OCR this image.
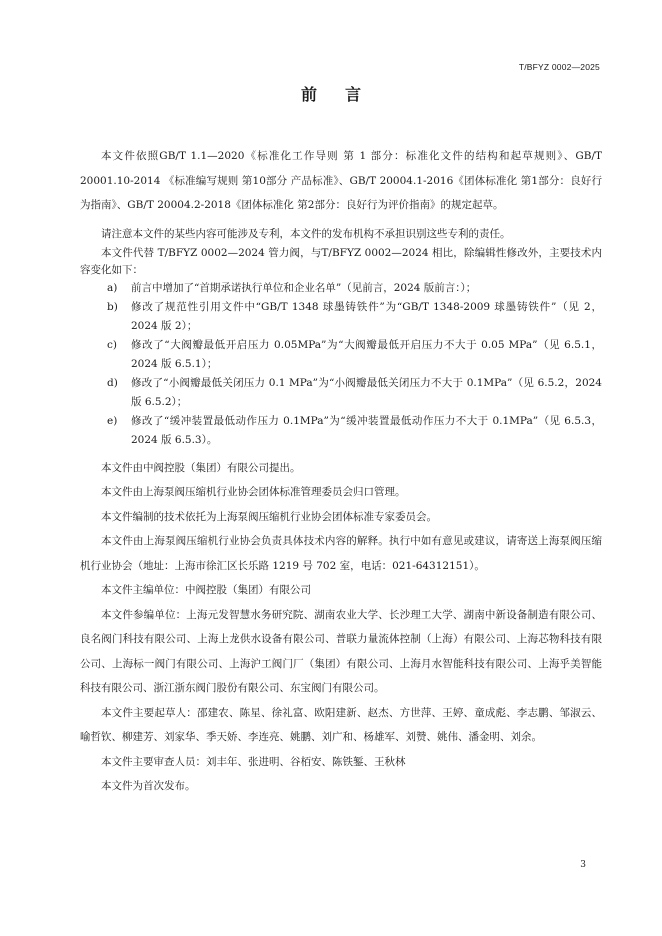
T/BFYZ 0002—2025
前言
本文件依照GB/T 1.1—2020《标准化工作导则 第 1 部分：标准化文件的结构和起草规则》、GB/T 20001.10-2014 《标准编写规则 第10部分 产品标准》、GB/T 20004.1-2016《团体标准化 第1部分：良好行为指南》、GB/T 20004.2-2018《团体标准化 第2部分：良好行为评价指南》的规定起草。
请注意本文件的某些内容可能涉及专利，本文件的发布机构不承担识别这些专利的责任。
本文件代替 T/BFYZ 0002—2024 管力阀，与T/BFYZ 0002—2024 相比，除编辑性修改外，主要技术内容变化如下：
a) 前言中增加了“首期承诺执行单位和企业名单”（见前言，2024 版前言：）；
b) 修改了规范性引用文件中“GB/T 1348 球墨铸铁件”为“GB/T 1348-2009 球墨铸铁件”（见 2，2024 版 2）；
c) 修改了“大阀瓣最低开启压力 0.05MPa”为“大阀瓣最低开启压力不大于 0.05 MPa”（见 6.5.1，2024 版 6.5.1）；
d) 修改了“小阀瓣最低关闭压力 0.1 MPa”为“小阀瓣最低关闭压力不大于 0.1MPa”（见 6.5.2，2024 版 6.5.2）；
e) 修改了“缓冲装置最低动作压力 0.1MPa”为“缓冲装置最低动作压力不大于 0.1MPa”（见 6.5.3，2024 版 6.5.3）。
本文件由中阀控股（集团）有限公司提出。
本文件由上海泵阀压缩机行业协会团体标准管理委员会归口管理。
本文件编制的技术依托为上海泵阀压缩机行业协会团体标准专家委员会。
本文件由上海泵阀压缩机行业协会负责具体技术内容的解释。执行中如有意见或建议，请寄送上海泵阀压缩机行业协会（地址：上海市徐汇区长乐路 1219 号 702 室，电话：021-64312151）。
本文件主编单位：中阀控股（集团）有限公司
本文件参编单位：上海元发智慧水务研究院、湖南农业大学、长沙理工大学、湖南中新设备制造有限公司、良名阀门科技有限公司、上海上龙供水设备有限公司、普联力量流体控制（上海）有限公司、上海芯物科技有限公司、上海标一阀门有限公司、上海沪工阀门厂（集团）有限公司、上海月水智能科技有限公司、上海乎美智能科技有限公司、浙江浙东阀门股份有限公司、东宝阀门有限公司。
本文件主要起草人：邵建农、陈星、徐礼富、欧阳建新、赵杰、方世萍、王婷、童成彪、李志鹏、邹淑云、喻哲钦、柳建芳、刘家华、季天娇、李连亮、姚鹏、刘广和、杨雄军、刘赞、姚伟、潘金明、刘余。
本文件主要审查人员：刘丰年、张进明、谷栢安、陈铁錾、王秋林
本文件为首次发布。
3
